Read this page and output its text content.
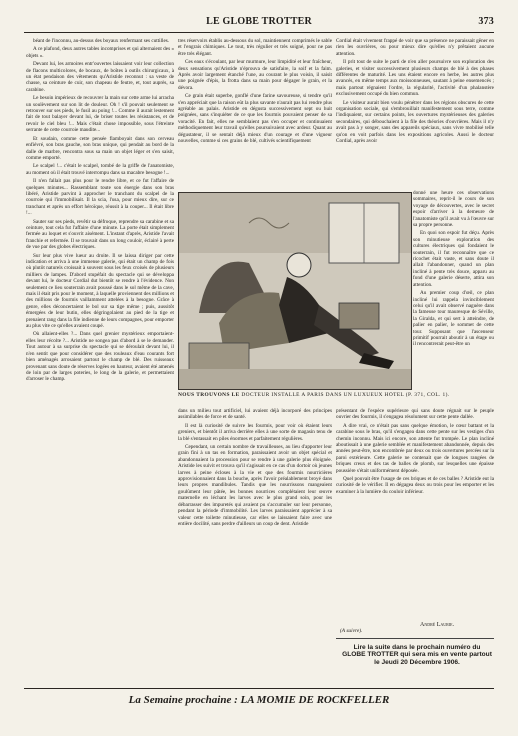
LE GLOBE TROTTER	373

béant de l'inconnu, au-dessus des boyaux renfermant ses cuttilles.

A ce plafond, deux autres tables incomprises et qui alternaient des « objets ».

Devant lui, les armoires entr'ouvertes laissaient voir leur collection de flacons multicolores, de bocaux, de boîtes à outils chirurgicaux, à un état pendaison des vêtements qu'Aristide reconnut : sa veste de chasse, sa ceinture de cuir, son chapeau de feutre, et, tout auprès, sa carabine.

Le besoin impérieux de recouvrer la main sur cette arme lui arracha un soulèvement sur son lit de douleur. Oh ! s'il pouvait seulement se retrouver sur ses pieds, le fusil au poing !... Comme il aurait lestement fait de tout balayer devant lui, de briser toutes les résistances, et de revoir le ciel bleu !... Mais c'était chose impossible, sous l'étreinte serrante de cette courroie maudite...

Et soudain, comme cette pensée flamboyait dans son cerveau enfiévré, son bras gauche, son bras unique, qui pendait au bord de la dalle de marbre, rencontra sous sa main un objet léger et s'en saisit, comme emporté.

Le scalpel !... c'était le scalpel, tombé de la griffe de l'anatomiste, au moment où il était trouvé interrompu dans sa macabre besogne !...

Il n'en fallait pas plus pour le rendre libre, et ce fut l'affaire de quelques minutes... Rassemblant toute son énergie dans son bras libéré, Aristide parvint à approcher le tranchant du scalpel de la courroie qui l'immobilisait. Il la scia, l'usa, pour mieux dire, sur ce tranchant et après un effort héroïque, réussit à la couper... Il était libre !...

Sauter sur ses pieds, revêtir sa défroque, reprendre sa carabine et sa ceinture, tout cela fut l'affaire d'une minute. La porte était simplement fermée au loquet et s'ouvrit aisément. L'instant d'après, Aristide l'avait franchie et refermée. Il se trouvait dans un long couloir, éclairé à perte de vue par des globes électriques.

Sur leur plus vive lueur au droite. Il se laissa diriger par cette indication et arriva à une immense galerie, qui était un champ de fois où plutôt naturels croissait à souvent sous les feux croisés de plusieurs milliers de lampes. D'abord stupéfait du spectacle qui se développa devant lui, le docteur Cordial dut bientôt se rendre à l'évidence. Non seulement ce lieu souterrain avait poussé dans le sol même de la cave, mais il était pris pour le moment, à laquelle proviennent des millions et des millions de fourmis vaillamment attelées à la besogne. Grâce à genre, elles déconcertaient le bol sur sa tige même ; puis, aussitôt émergées de leur butin, elles dégringolaient au pied de la tige et prenaient rang dans la file indienne de leurs compagnes, pour emporter au plus vite ce qu'elles avaient coupé.

Où allaient-elles ?... Dans quel grenier mystérieux emportaient-elles leur récolte ?... Aristide ne songea pas d'abord à se le demander. Tout autour à sa surprise du spectacle qui se déroulait devant lui, il n'en sentit que pour considérer que des rouleaux d'eau courants fort bien aménagés arrosaient partout le champ de blé. Des ruisseaux provenant sans doute de réserves logées en hauteur, avaient été amenés de loin par de larges poteries, le long de la galerie, et permettaient d'arroser le champ.

tres réservoirs établis au-dessous du sol, maintiennent comprimés le sable et l'engrais chimiques. Le tout, très régulier et très soigné, pour ne pas être très élégant.

Ces eaux s'écoulant, par leur murmure, leur limpidité et leur fraîcheur, deux sensations qu'Aristide n'éprouva de satisfaire, la soif et la faim. Après avoir largement étanché l'une, au courant le plus voisin, il saisit une poignée d'épis, la frotta dans sa main pour dégager le grain, et la dévora.

Ce grain était superbe, gonflé d'une farine savoureuse, si tendre qu'il s'en appréciait que la raison eût la plus savante n'aurait pas lui rendre plus agréable au palais. Aristide en dégusta successivement sept ou huit poignées, sans s'inquiéter de ce que les fourmis pouvaient penser de sa voracité. En fait, elles ne semblaient pas s'en occuper et continuaient méthodiquement leur travail qu'elles poursuivaient avec ardeur. Quant au dégustateur, il se sentait déjà mieux d'un courage et d'une vigueur nouvelles, comme si ces grains de blé, cultivés scientifiquement

Cordial était vivement frappé de voir que sa présence ne paraissait gêner en rien les ouvrières, ou pour mieux dire qu'elles n'y prêtaient aucune attention.

Il prit tout de suite le parti de n'en aller poursuivre son exploration des galeries, et visiter successivement plusieurs champs de blé à des phases différentes de maturité. Les uns étaient encore en herbe, les autres plus avancés, en même temps aux moissonneuses, sautant à peine ensemencés ; mais partout régnaient l'ordre, la régularité, l'activité d'un phalanstère exclusivement occupé du bien commun.

Le visiteur aurait bien voulu pénétrer dans les régions obscures de cette organisation sociale, qui s'embrouillait manifestement sous terre, comme l'indiquaient, sur certains points, les ouvertures mystérieuses des galeries secondaires, qui débouchaient à la file des théories d'ouvrières. Mais il n'y avait pas à y songer, sans des appareils spéciaux, sans vivre mobilisé telle qu'on en voit parfois dans les expositions agricoles. Aussi le docteur Cordial, après avoir

NOUS TROUVONS LE DOCTEUR INSTALLÉ A PARIS DANS UN LUXUEUX HÔTEL (P. 371, COL. 1).

donné une heure ces observations sommaires, reprit-il le cours de son voyage de découvertes, avec le secret espoir d'arriver à la demeure de l'anatomiste qu'il avait vu à l'œuvre sur sa propre personne.

En quoi son espoir fut déçu. Après son minutieuse exploration des cultures électriques qui fondaient le souterrain, il fut reconnaître que ce ricochet était vaste, et sans doute il allait l'abandonner, quand un plan incliné à pente très douce, apparu au fond d'une galerie déserte, attira son attention.

Au premier coup d'œil, ce plan incliné lui rappela invinciblement celui qu'il avait observé naguère dans la fameuse tour mauresque de Séville, la Giralda, et qui sert à atteindre, de palier en palier, le sommet de cette tour. Supposant que l'ascenseur primitif pourrait aboutir à un étage ou il rencontrerait peut-être un

dans un milieu tout artificiel, lui avaient déjà incorporé des principes assimilables de force et de santé.

Il est là curiosité de suivre les fourmis, pour voir où étaient leurs greniers, et bientôt il arriva derrière elles à une sorte de magasin tenu de la blé s'entassait en piles énormes et parfaitement régulières.

Cependant, un certain nombre de travailleuses, au lieu d'apporter leur grain fini à un tas en formation, paraissaient avoir un objet spécial et abandonnaient la procession pour se rendre à une galerie plus éloignée. Aristide les suivit et trouva qu'il s'agissait en ce cas d'un dortoir où jeunes larves à peine écloses à la vie et que des fourmis nourricières approvisionnaient dans la bouche, après l'avoir préalablement broyé dans leurs propres mandibules. Tandis que les nourrissons mangeaient goulûment leur pâtée, les bonnes nourrices complétaient leur œuvre maternelle en léchant les larves avec le plus grand soin, pour les débarrasser des impuretés qui avaient pu s'accumuler sur leur personne, pendant la période d'immobilité. Les larves paraissaient apprécier à sa valeur cette toilette minutieuse, car elles se laissaient faire avec une entière docilité, sans perdre d'ailleurs un coup de dent. Aristide

présentant de l'espèce supérieure qui sans doute régnait sur le peuple ouvrier des fourmis, il s'engagea résolument sur cette pente dallée.

A dire vrai, ce n'était pas sans quelque émotion, le cœur battant et la carabine sous le bras, qu'il s'engagea dans cette pente sur les vestiges d'un chemin inconnu. Mais ici encore, son attente fut trompée. Le plan incliné aboutissait à une galerie semblée et manifestement abandonnée, depuis des années peut-être, non encombrée par deux ou trois ouvertures percées sur la paroi extérieure. Cette galerie ne contenait que de longues rangées de briques creux et des tas de balles de plomb, sur lesquelles une épaisse poussière s'était uniformément déposée.

Quel pouvait être l'usage de ces briques et de ces balles ? Aristide eut la curiosité de le vérifier. Il en dégagea deux ou trois pour les emporter et les examiner à la lumière du couloir inférieur.

(A suivre).
André Laurie.
Lire la suite dans le prochain numéro du GLOBE TROTTER qui sera mis en vente partout le Jeudi 20 Décembre 1906.
La Semaine prochaine : LA MOMIE DE ROCKFELLER
